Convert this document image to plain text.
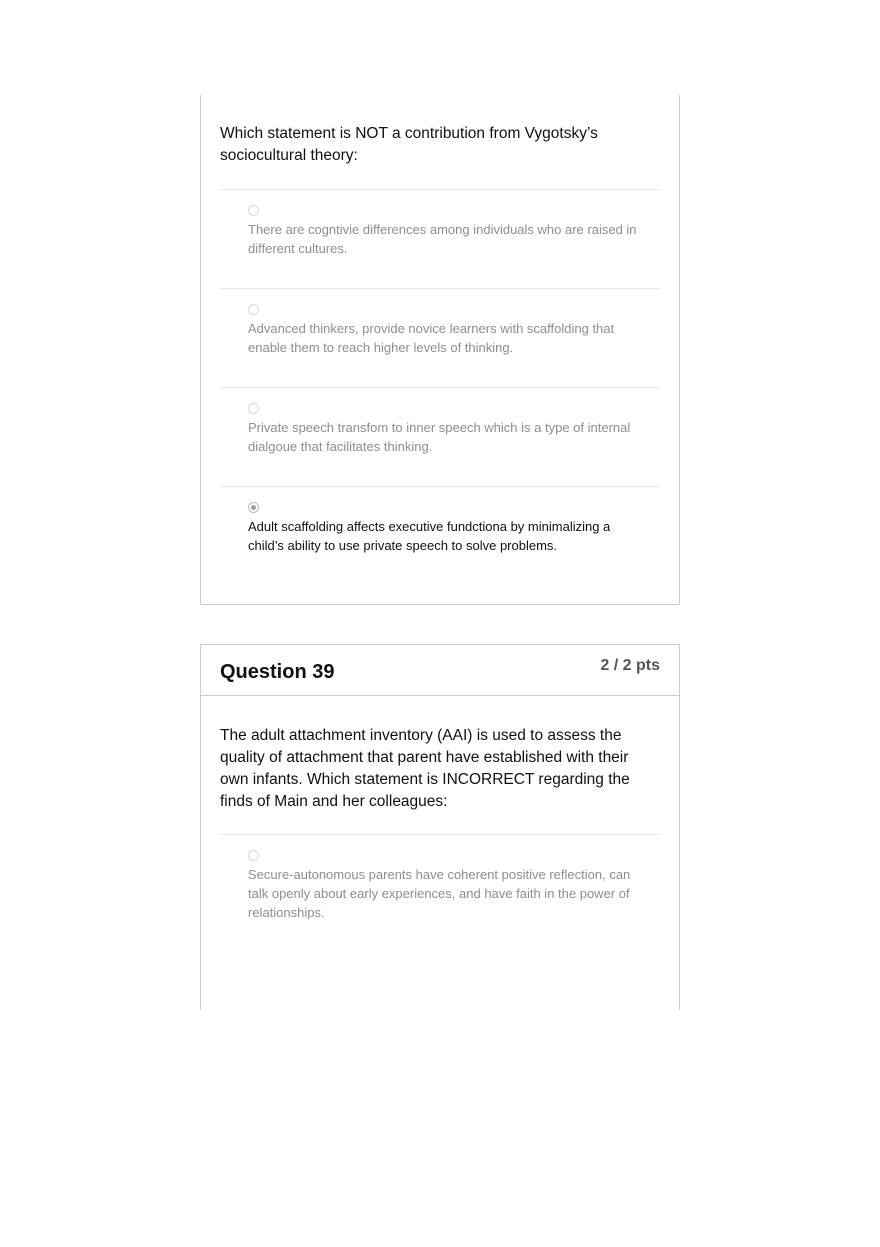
Which statement is NOT a contribution from Vygotsky’s sociocultural theory:
There are cogntivie differences among individuals who are raised in different cultures.
Advanced thinkers, provide novice learners with scaffolding that enable them to reach higher levels of thinking.
Private speech transfom to inner speech which is a type of internal dialgoue that facilitates thinking.
Adult scaffolding affects executive fundctiona by minimalizing a child’s ability to use private speech to solve problems.
Question 39	2 / 2 pts
The adult attachment inventory (AAI) is used to assess the quality of attachment that parent have established with their own infants. Which statement is INCORRECT regarding the finds of Main and her colleagues:
Secure-autonomous parents have coherent positive reflection, can talk openly about early experiences, and have faith in the power of relationships.
